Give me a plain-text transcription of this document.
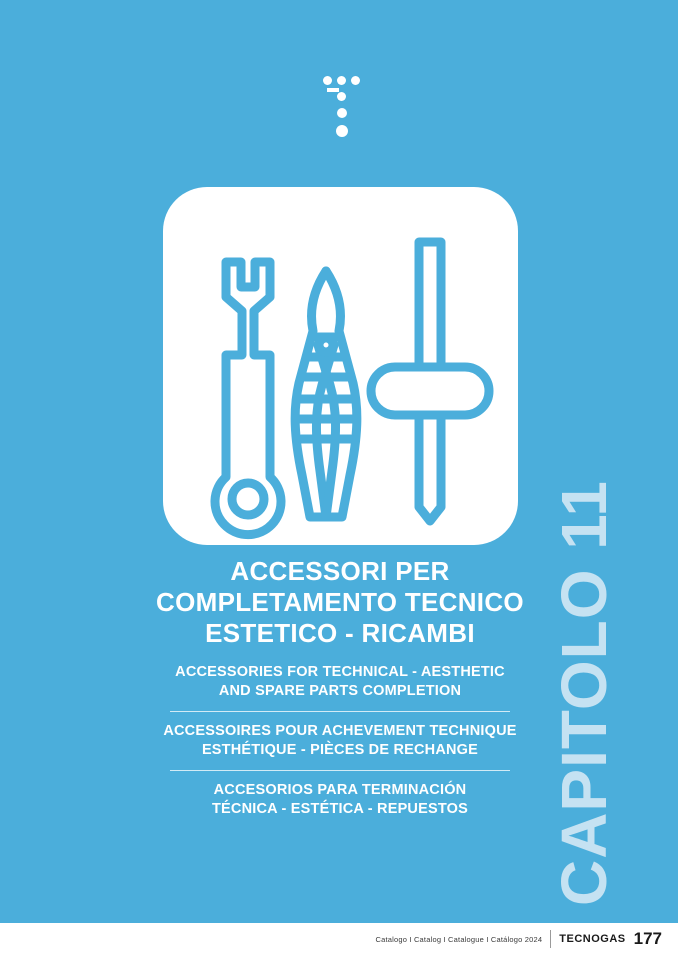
ACCESSORI PER
COMPLETAMENTO TECNICO
ESTETICO - RICAMBI
ACCESSORIES FOR TECHNICAL - AESTHETIC
AND SPARE PARTS COMPLETION
ACCESSOIRES POUR ACHEVEMENT TECHNIQUE
ESTHÉTIQUE - PIÈCES DE RECHANGE
ACCESORIOS PARA TERMINACIÓN
TÉCNICA - ESTÉTICA - REPUESTOS	CAPITOLO 11
Catalogo I Catalog I Catalogue I Catálogo 2024 TECNOGAS 177
